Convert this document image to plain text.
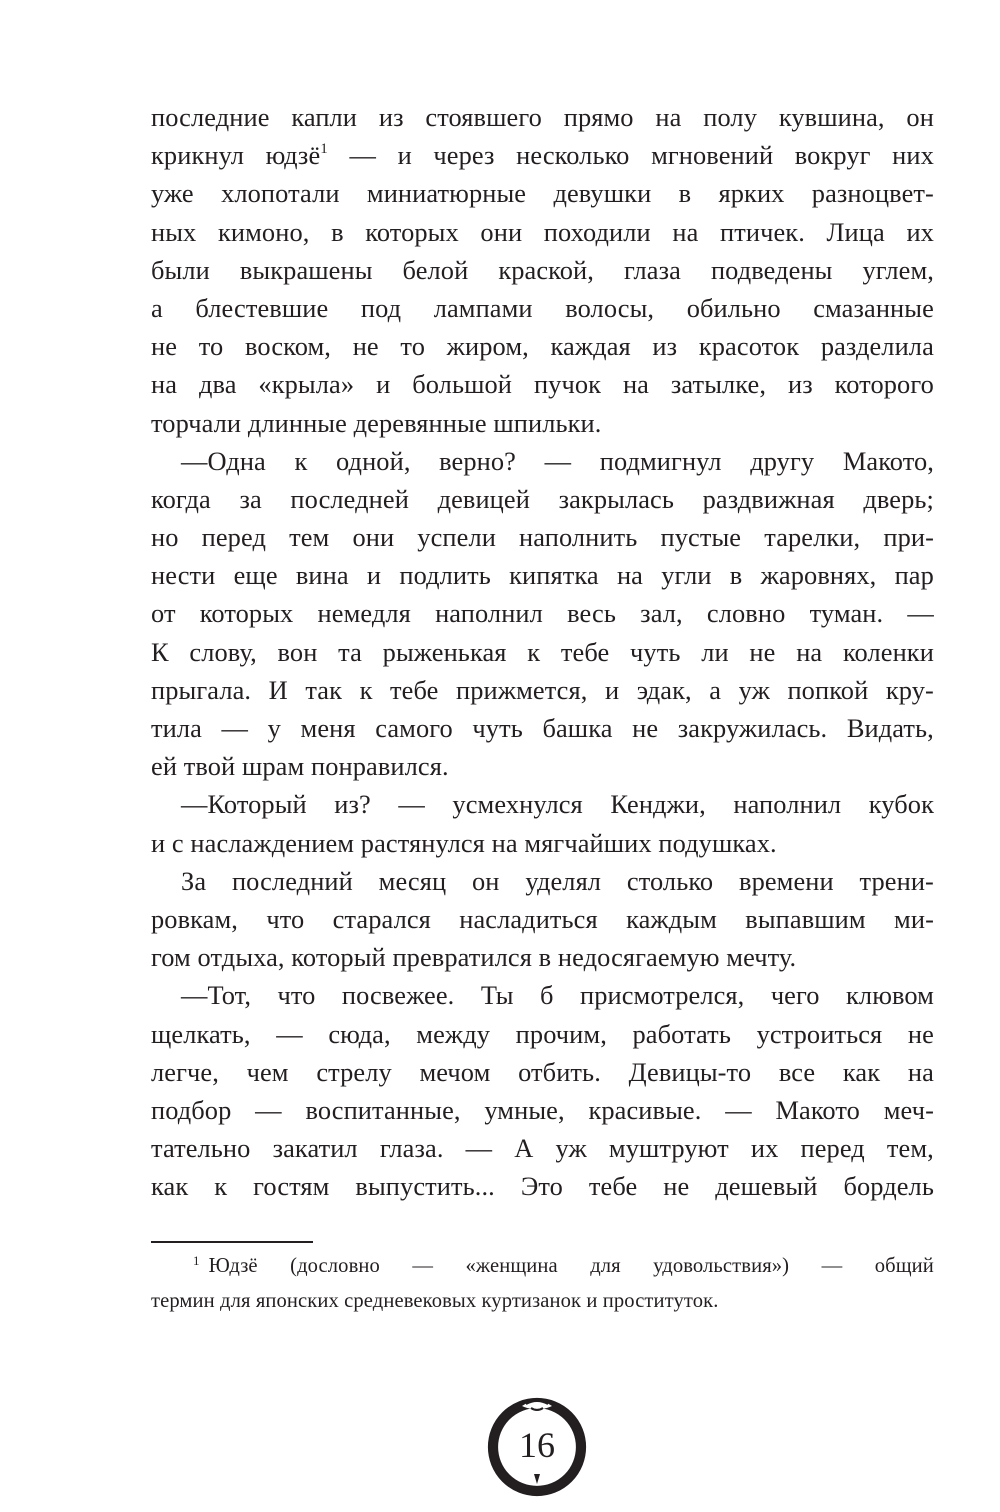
последние капли из стоявшего прямо на полу кувшина, он
крикнул юдзё$^1$ — и через несколько мгновений вокруг них
уже хлопотали миниатюрные девушки в ярких разноцвет-
ных кимоно, в которых они походили на птичек. Лица их
были выкрашены белой краской, глаза подведены углем,
а блестевшие под лампами волосы, обильно смазанные
не то воском, не то жиром, каждая из красоток разделила
на два «крыла» и большой пучок на затылке, из которого
торчали длинные деревянные шпильки.
—Одна к одной, верно? — подмигнул другу Макото,
когда за последней девицей закрылась раздвижная дверь;
но перед тем они успели наполнить пустые тарелки, при-
нести еще вина и подлить кипятка на угли в жаровнях, пар
от которых немедля наполнил весь зал, словно туман. —
К слову, вон та рыженькая к тебе чуть ли не на коленки
прыгала. И так к тебе прижмется, и эдак, а уж попкой кру-
тила — у меня самого чуть башка не закружилась. Видать,
ей твой шрам понравился.
—Который из? — усмехнулся Кенджи, наполнил кубок
и с наслаждением растянулся на мягчайших подушках.
За последний месяц он уделял столько времени трени-
ровкам, что старался насладиться каждым выпавшим ми-
гом отдыха, который превратился в недосягаемую мечту.
—Тот, что посвежее. Ты б присмотрелся, чего клювом
щелкать, — сюда, между прочим, работать устроиться не
легче, чем стрелу мечом отбить. Девицы-то все как на
подбор — воспитанные, умные, красивые. — Макото меч-
тательно закатил глаза. — А уж муштруют их перед тем,
как к гостям выпустить... Это тебе не дешевый бордель
$^1$ Юдзё (дословно — «женщина для удовольствия») — общий
термин для японских средневековых куртизанок и проституток.
16
